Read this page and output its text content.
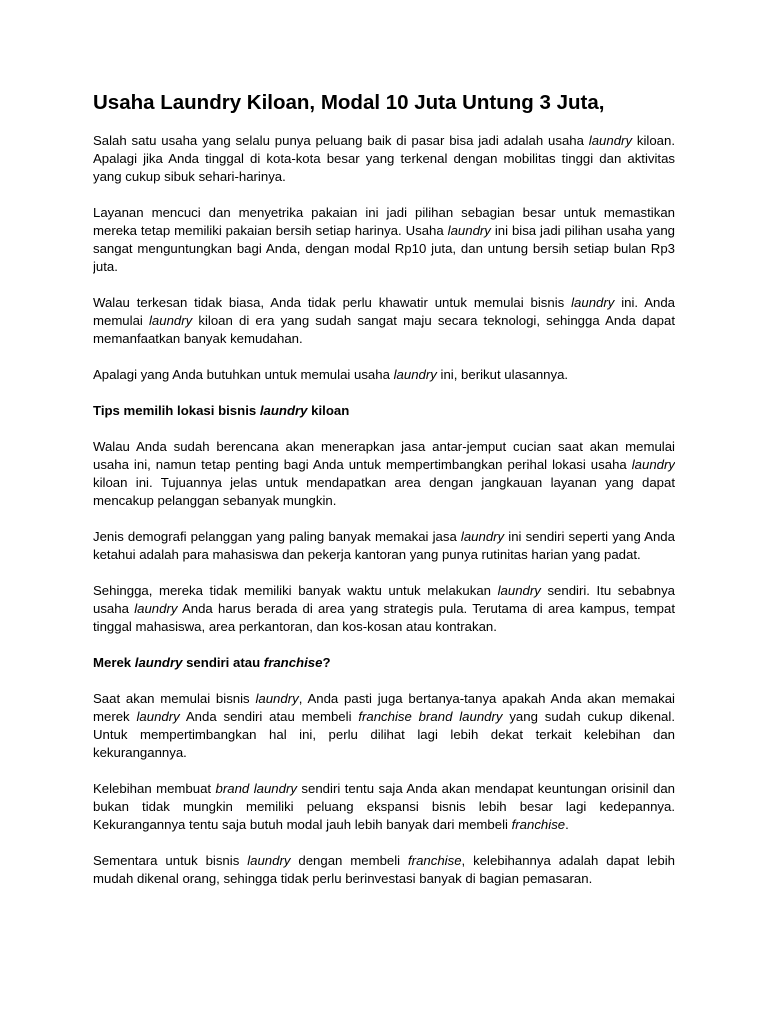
Usaha Laundry Kiloan, Modal 10 Juta Untung 3 Juta,

Salah satu usaha yang selalu punya peluang baik di pasar bisa jadi adalah usaha laundry kiloan. Apalagi jika Anda tinggal di kota-kota besar yang terkenal dengan mobilitas tinggi dan aktivitas yang cukup sibuk sehari-harinya.

Layanan mencuci dan menyetrika pakaian ini jadi pilihan sebagian besar untuk memastikan mereka tetap memiliki pakaian bersih setiap harinya. Usaha laundry ini bisa jadi pilihan usaha yang sangat menguntungkan bagi Anda, dengan modal Rp10 juta, dan untung bersih setiap bulan Rp3 juta.

Walau terkesan tidak biasa, Anda tidak perlu khawatir untuk memulai bisnis laundry ini. Anda memulai laundry kiloan di era yang sudah sangat maju secara teknologi, sehingga Anda dapat memanfaatkan banyak kemudahan.

Apalagi yang Anda butuhkan untuk memulai usaha laundry ini, berikut ulasannya.

Tips memilih lokasi bisnis laundry kiloan

Walau Anda sudah berencana akan menerapkan jasa antar-jemput cucian saat akan memulai usaha ini, namun tetap penting bagi Anda untuk mempertimbangkan perihal lokasi usaha laundry kiloan ini. Tujuannya jelas untuk mendapatkan area dengan jangkauan layanan yang dapat mencakup pelanggan sebanyak mungkin.

Jenis demografi pelanggan yang paling banyak memakai jasa laundry ini sendiri seperti yang Anda ketahui adalah para mahasiswa dan pekerja kantoran yang punya rutinitas harian yang padat.

Sehingga, mereka tidak memiliki banyak waktu untuk melakukan laundry sendiri. Itu sebabnya usaha laundry Anda harus berada di area yang strategis pula. Terutama di area kampus, tempat tinggal mahasiswa, area perkantoran, dan kos-kosan atau kontrakan.

Merek laundry sendiri atau franchise?

Saat akan memulai bisnis laundry, Anda pasti juga bertanya-tanya apakah Anda akan memakai merek laundry Anda sendiri atau membeli franchise brand laundry yang sudah cukup dikenal. Untuk mempertimbangkan hal ini, perlu dilihat lagi lebih dekat terkait kelebihan dan kekurangannya.

Kelebihan membuat brand laundry sendiri tentu saja Anda akan mendapat keuntungan orisinil dan bukan tidak mungkin memiliki peluang ekspansi bisnis lebih besar lagi kedepannya. Kekurangannya tentu saja butuh modal jauh lebih banyak dari membeli franchise.

Sementara untuk bisnis laundry dengan membeli franchise, kelebihannya adalah dapat lebih mudah dikenal orang, sehingga tidak perlu berinvestasi banyak di bagian pemasaran.
